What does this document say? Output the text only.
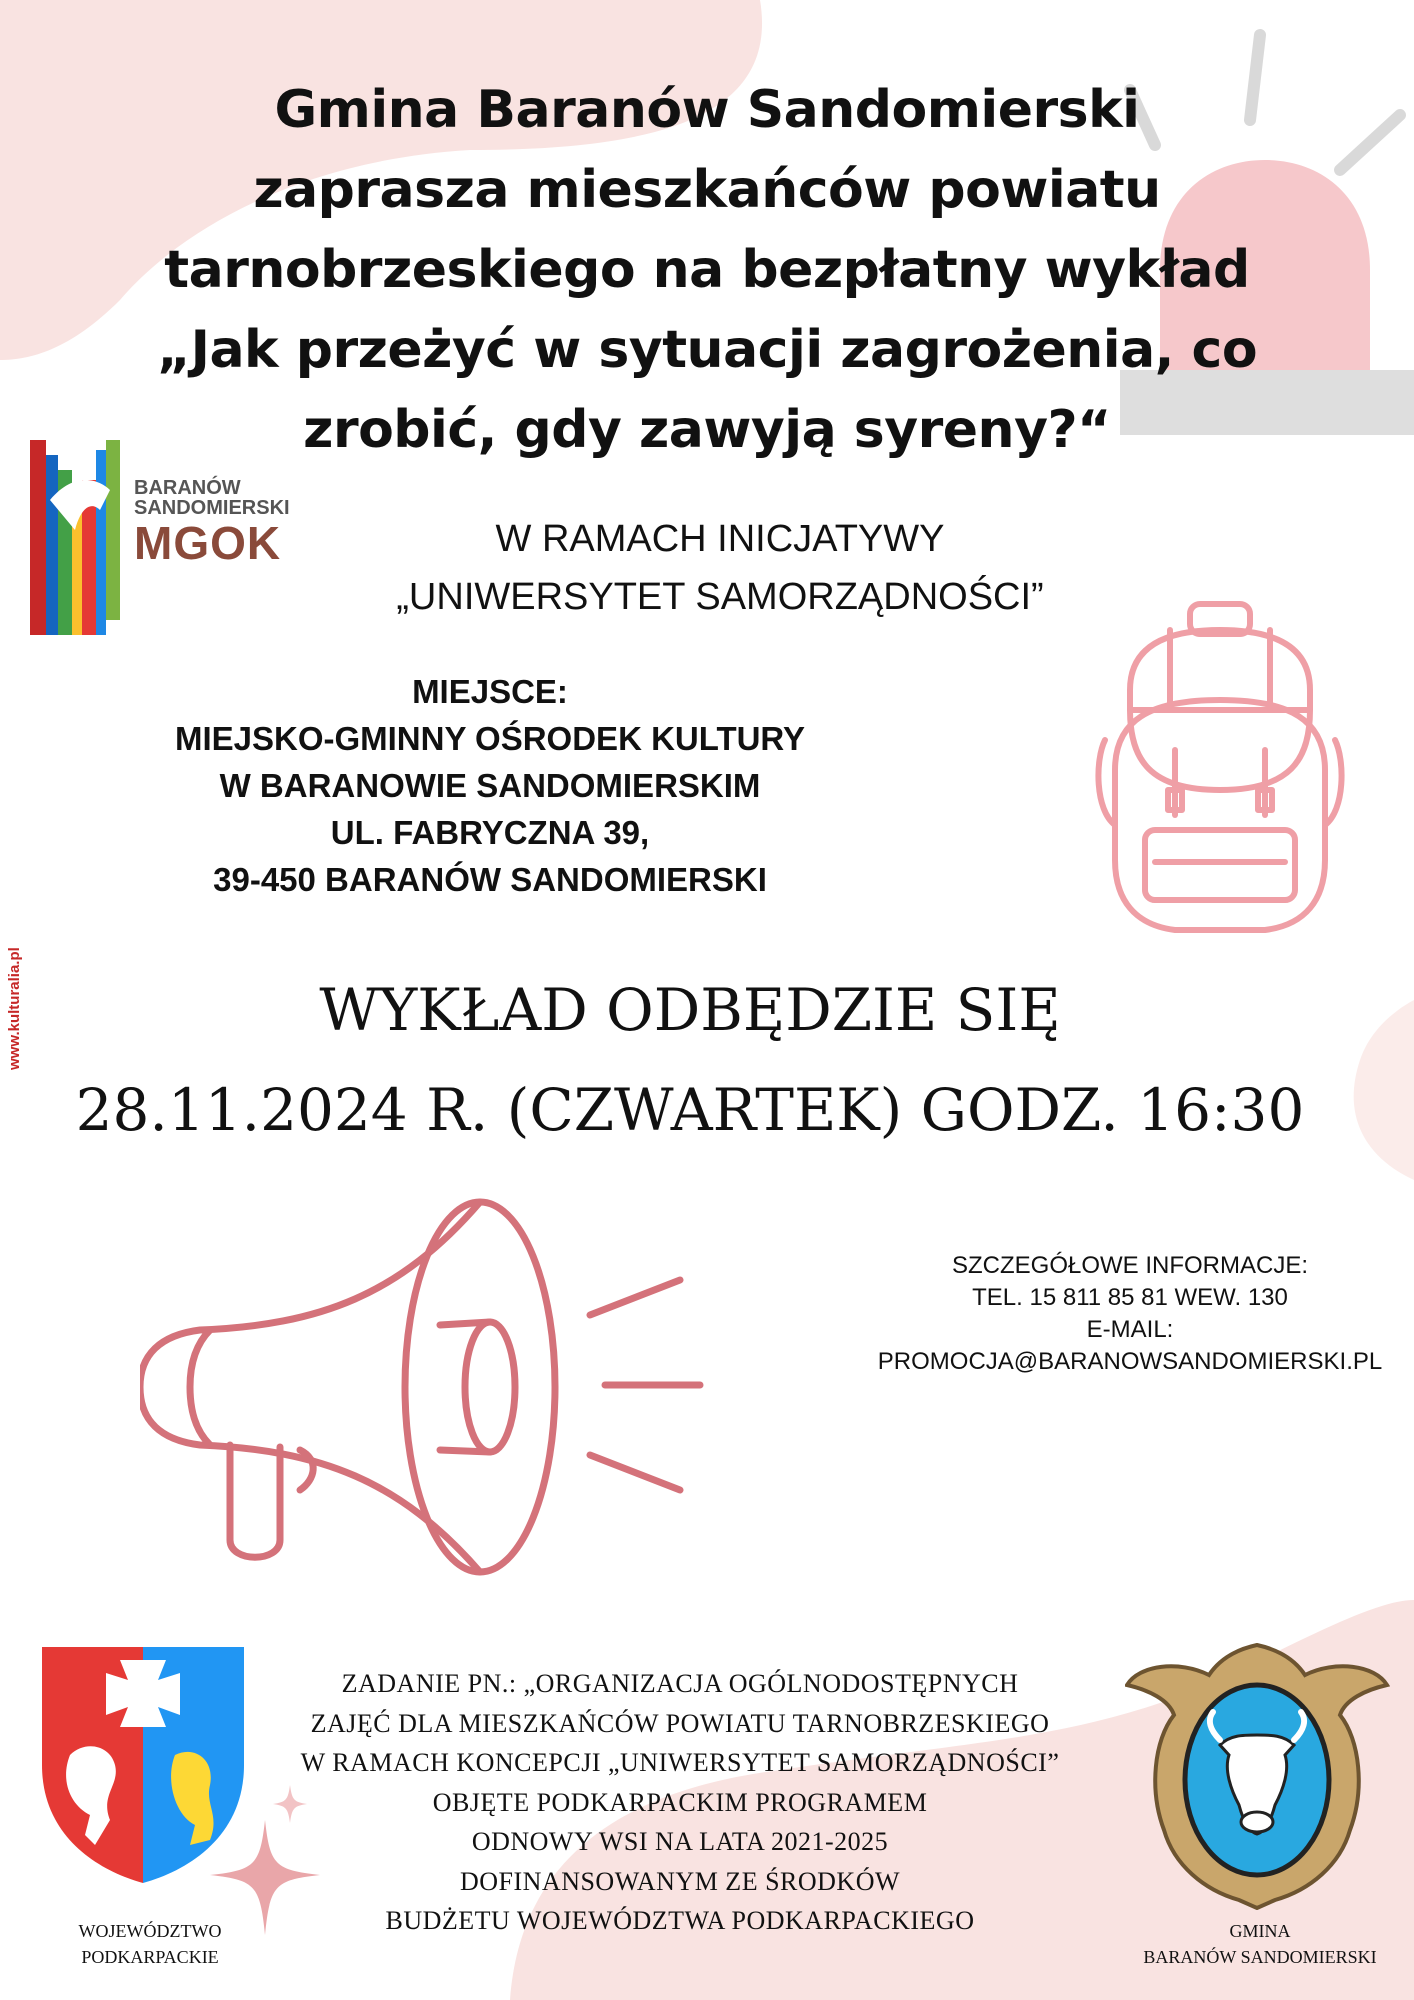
Gmina Baranów Sandomierski
zaprasza mieszkańców powiatu
tarnobrzeskiego na bezpłatny wykład
„Jak przeżyć w sytuacji zagrożenia, co
zrobić, gdy zawyją syreny?“
www.kulturalia.pl
BARANÓW
SANDOMIERSKI
MGOK	W RAMACH INICJATYWY
„UNIWERSYTET SAMORZĄDNOŚCI”
MIEJSCE:
MIEJSKO-GMINNY OŚRODEK KULTURY
W BARANOWIE SANDOMIERSKIM
UL. FABRYCZNA 39,
39-450 BARANÓW SANDOMIERSKI
WYKŁAD ODBĘDZIE SIĘ
28.11.2024 R. (CZWARTEK) GODZ. 16:30
SZCZEGÓŁOWE INFORMACJE:
TEL. 15 811 85 81 WEW. 130
E-MAIL:
PROMOCJA@BARANOWSANDOMIERSKI.PL
WOJEWÓDZTWO
PODKARPACKIE
ZADANIE PN.: „ORGANIZACJA OGÓLNODOSTĘPNYCH
ZAJĘĆ DLA MIESZKAŃCÓW POWIATU TARNOBRZESKIEGO
W RAMACH KONCEPCJI „UNIWERSYTET SAMORZĄDNOŚCI”
OBJĘTE PODKARPACKIM PROGRAMEM
ODNOWY WSI NA LATA 2021-2025
DOFINANSOWANYM ZE ŚRODKÓW
BUDŻETU WOJEWÓDZTWA PODKARPACKIEGO	GMINA
BARANÓW SANDOMIERSKI
